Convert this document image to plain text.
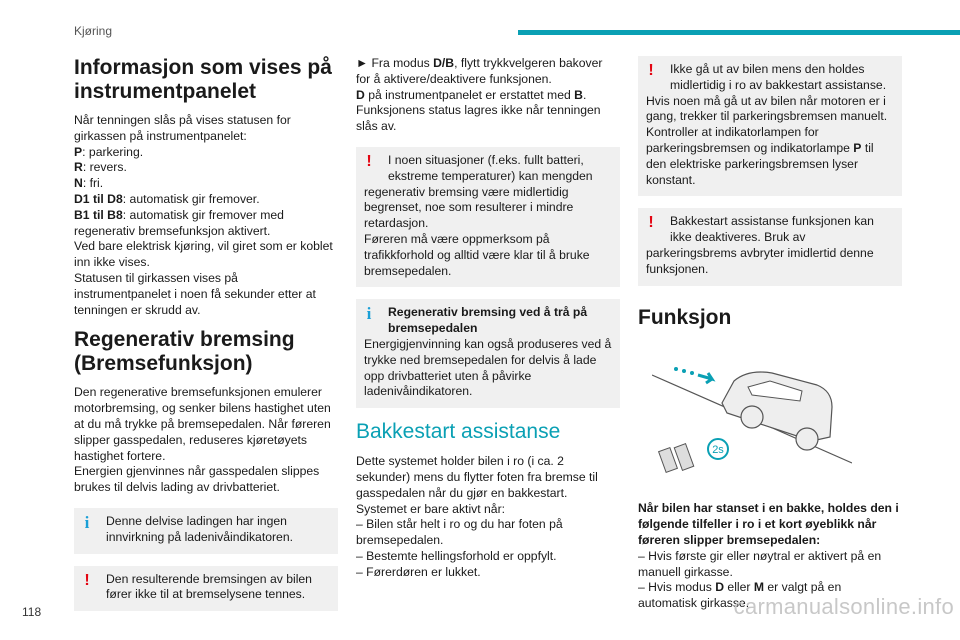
Kjøring
Informasjon som vises på instrumentpanelet

Når tenningen slås på vises statusen for girkassen på instrumentpanelet:

P: parkering.

R: revers.

N: fri.

D1 til D8: automatisk gir fremover.

B1 til B8: automatisk gir fremover med regenerativ bremsefunksjon aktivert.

Ved bare elektrisk kjøring, vil giret som er koblet inn ikke vises.

Statusen til girkassen vises på instrumentpanelet i noen få sekunder etter at tenningen er skrudd av.

Regenerativ bremsing (Bremsefunksjon)

Den regenerative bremsefunksjonen emulerer motorbremsing, og senker bilens hastighet uten at du må trykke på bremsepedalen. Når føreren slipper gasspedalen, reduseres kjøretøyets hastighet fortere.

Energien gjenvinnes når gasspedalen slippes brukes til delvis lading av drivbatteriet.

i	Denne delvise ladingen har ingen innvirkning på ladenivåindikatoren.

!	Den resulterende bremsingen av bilen fører ikke til at bremselysene tennes.

► Fra modus D/B, flytt trykkvelgeren bakover for å aktivere/deaktivere funksjonen.

D på instrumentpanelet er erstattet med B.

Funksjonens status lagres ikke når tenningen slås av.

!	I noen situasjoner (f.eks. fullt batteri, ekstreme temperaturer) kan mengden

regenerativ bremsing være midlertidig begrenset, noe som resulterer i mindre retardasjon.

Føreren må være oppmerksom på trafikkforhold og alltid være klar til å bruke bremsepedalen.

i	Regenerativ bremsing ved å trå på bremsepedalen

Energigjenvinning kan også produseres ved å trykke ned bremsepedalen for delvis å lade opp drivbatteriet uten å påvirke ladenivåindikatoren.

Bakkestart assistanse

Dette systemet holder bilen i ro (i ca. 2 sekunder) mens du flytter foten fra bremse til gasspedalen når du gjør en bakkestart.

Systemet er bare aktivt når:

– Bilen står helt i ro og du har foten på bremsepedalen.

– Bestemte hellingsforhold er oppfylt.

– Førerdøren er lukket.

!	Ikke gå ut av bilen mens den holdes midlertidig i ro av bakkestart assistanse.

Hvis noen må gå ut av bilen når motoren er i gang, trekker til parkeringsbremsen manuelt. Kontroller at indikatorlampen for parkeringsbremsen og indikatorlampe P til den elektriske parkeringsbremsen lyser konstant.

!	Bakkestart assistanse funksjonen kan ikke deaktiveres. Bruk av

parkeringsbrems avbryter imidlertid denne funksjonen.

Funksjon
2s

Når bilen har stanset i en bakke, holdes den i følgende tilfeller i ro i et kort øyeblikk når føreren slipper bremsepedalen:

– Hvis første gir eller nøytral er aktivert på en manuell girkasse.

– Hvis modus D eller M er valgt på en automatisk girkasse.

118	carmanualsonline.info
